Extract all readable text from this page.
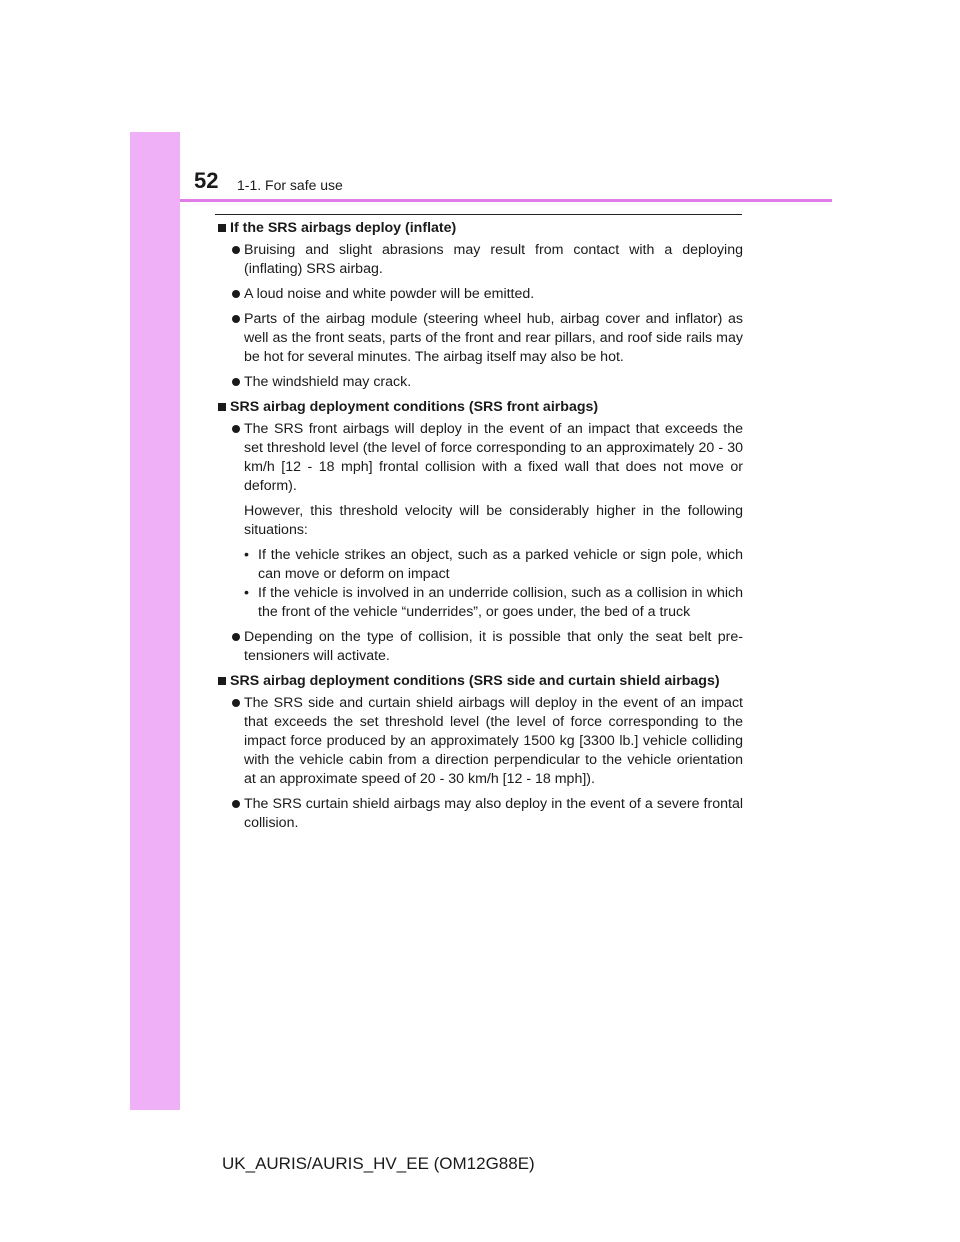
52 1-1. For safe use

If the SRS airbags deploy (inflate)

Bruising and slight abrasions may result from contact with a deploying (inflating) SRS airbag.

A loud noise and white powder will be emitted.

Parts of the airbag module (steering wheel hub, airbag cover and inflator) as well as the front seats, parts of the front and rear pillars, and roof side rails may be hot for several minutes. The airbag itself may also be hot.

The windshield may crack.

SRS airbag deployment conditions (SRS front airbags)

The SRS front airbags will deploy in the event of an impact that exceeds the set threshold level (the level of force corresponding to an approximately 20 - 30 km/h [12 - 18 mph] frontal collision with a fixed wall that does not move or deform).

However, this threshold velocity will be considerably higher in the following situations:

• If the vehicle strikes an object, such as a parked vehicle or sign pole, which can move or deform on impact
• If the vehicle is involved in an underride collision, such as a collision in which the front of the vehicle “underrides”, or goes under, the bed of a truck

Depending on the type of collision, it is possible that only the seat belt pre-tensioners will activate.

SRS airbag deployment conditions (SRS side and curtain shield airbags)

The SRS side and curtain shield airbags will deploy in the event of an impact that exceeds the set threshold level (the level of force corresponding to the impact force produced by an approximately 1500 kg [3300 lb.] vehicle colliding with the vehicle cabin from a direction perpendicular to the vehicle orientation at an approximate speed of 20 - 30 km/h [12 - 18 mph]).

The SRS curtain shield airbags may also deploy in the event of a severe frontal collision.

UK_AURIS/AURIS_HV_EE (OM12G88E)
